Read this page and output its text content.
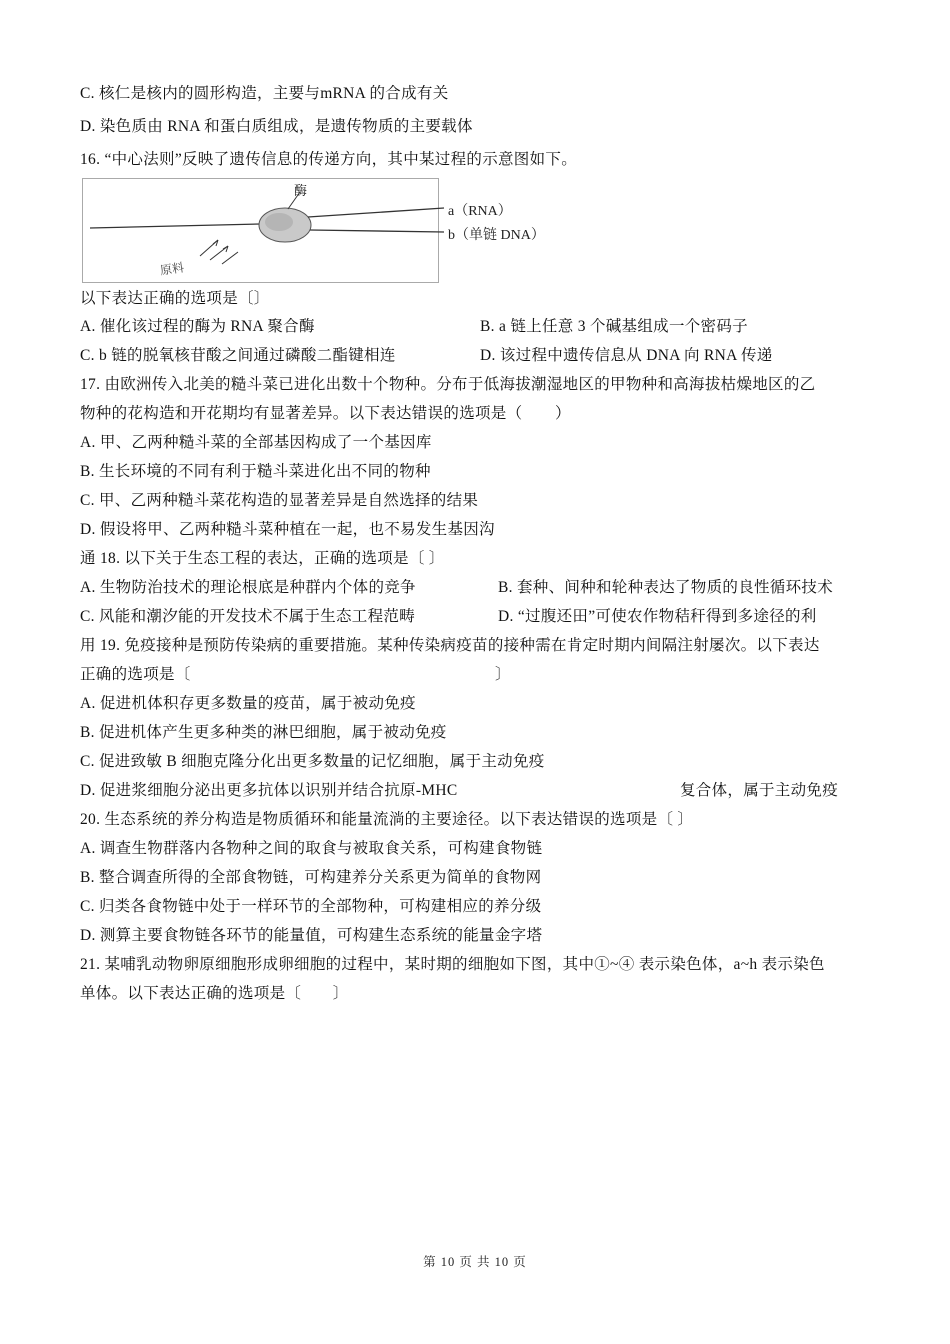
C. 核仁是核内的圆形构造，主要与mRNA 的合成有关
D. 染色质由 RNA 和蛋白质组成，是遗传物质的主要载体
16. “中心法则”反映了遗传信息的传递方向，其中某过程的示意图如下。
以下表达正确的选项是〔〕
A. 催化该过程的酶为 RNA 聚合酶	B. a 链上任意 3 个碱基组成一个密码子
C. b 链的脱氧核苷酸之间通过磷酸二酯键相连	D. 该过程中遗传信息从 DNA 向 RNA 传递
17. 由欧洲传入北美的糙斗菜已进化出数十个物种。分布于低海拔潮湿地区的甲物种和高海拔枯燥地区的乙
物种的花构造和开花期均有显著差异。以下表达错误的选项是（ ）
A. 甲、乙两种糙斗菜的全部基因构成了一个基因库
B. 生长环境的不同有利于糙斗菜进化出不同的物种
C. 甲、乙两种糙斗菜花构造的显著差异是自然选择的结果
D. 假设将甲、乙两种糙斗菜种植在一起，也不易发生基因沟
通 18. 以下关于生态工程的表达，正确的选项是〔 〕
A. 生物防治技术的理论根底是种群内个体的竞争	B. 套种、间种和轮种表达了物质的良性循环技术
C. 风能和潮汐能的开发技术不属于生态工程范畴	D. “过腹还田”可使农作物秸秆得到多途径的利
用 19. 免疫接种是预防传染病的重要措施。某种传染病疫苗的接种需在肯定时期内间隔注射屡次。以下表达
正确的选项是〔	〕
A. 促进机体积存更多数量的疫苗，属于被动免疫
B. 促进机体产生更多种类的淋巴细胞，属于被动免疫
C. 促进致敏 B 细胞克隆分化出更多数量的记忆细胞，属于主动免疫
D. 促进浆细胞分泌出更多抗体以识别并结合抗原-MHC	复合体，属于主动免疫
20. 生态系统的养分构造是物质循环和能量流淌的主要途径。以下表达错误的选项是〔 〕
A. 调查生物群落内各物种之间的取食与被取食关系，可构建食物链
B. 整合调查所得的全部食物链，可构建养分关系更为简单的食物网
C. 归类各食物链中处于一样环节的全部物种，可构建相应的养分级
D. 测算主要食物链各环节的能量值，可构建生态系统的能量金字塔
21. 某哺乳动物卵原细胞形成卵细胞的过程中，某时期的细胞如下图，其中①~④ 表示染色体，a~h 表示染色
单体。以下表达正确的选项是〔　　〕
酶
a（RNA）
b（单链 DNA）
原料
第 10 页 共 10 页
